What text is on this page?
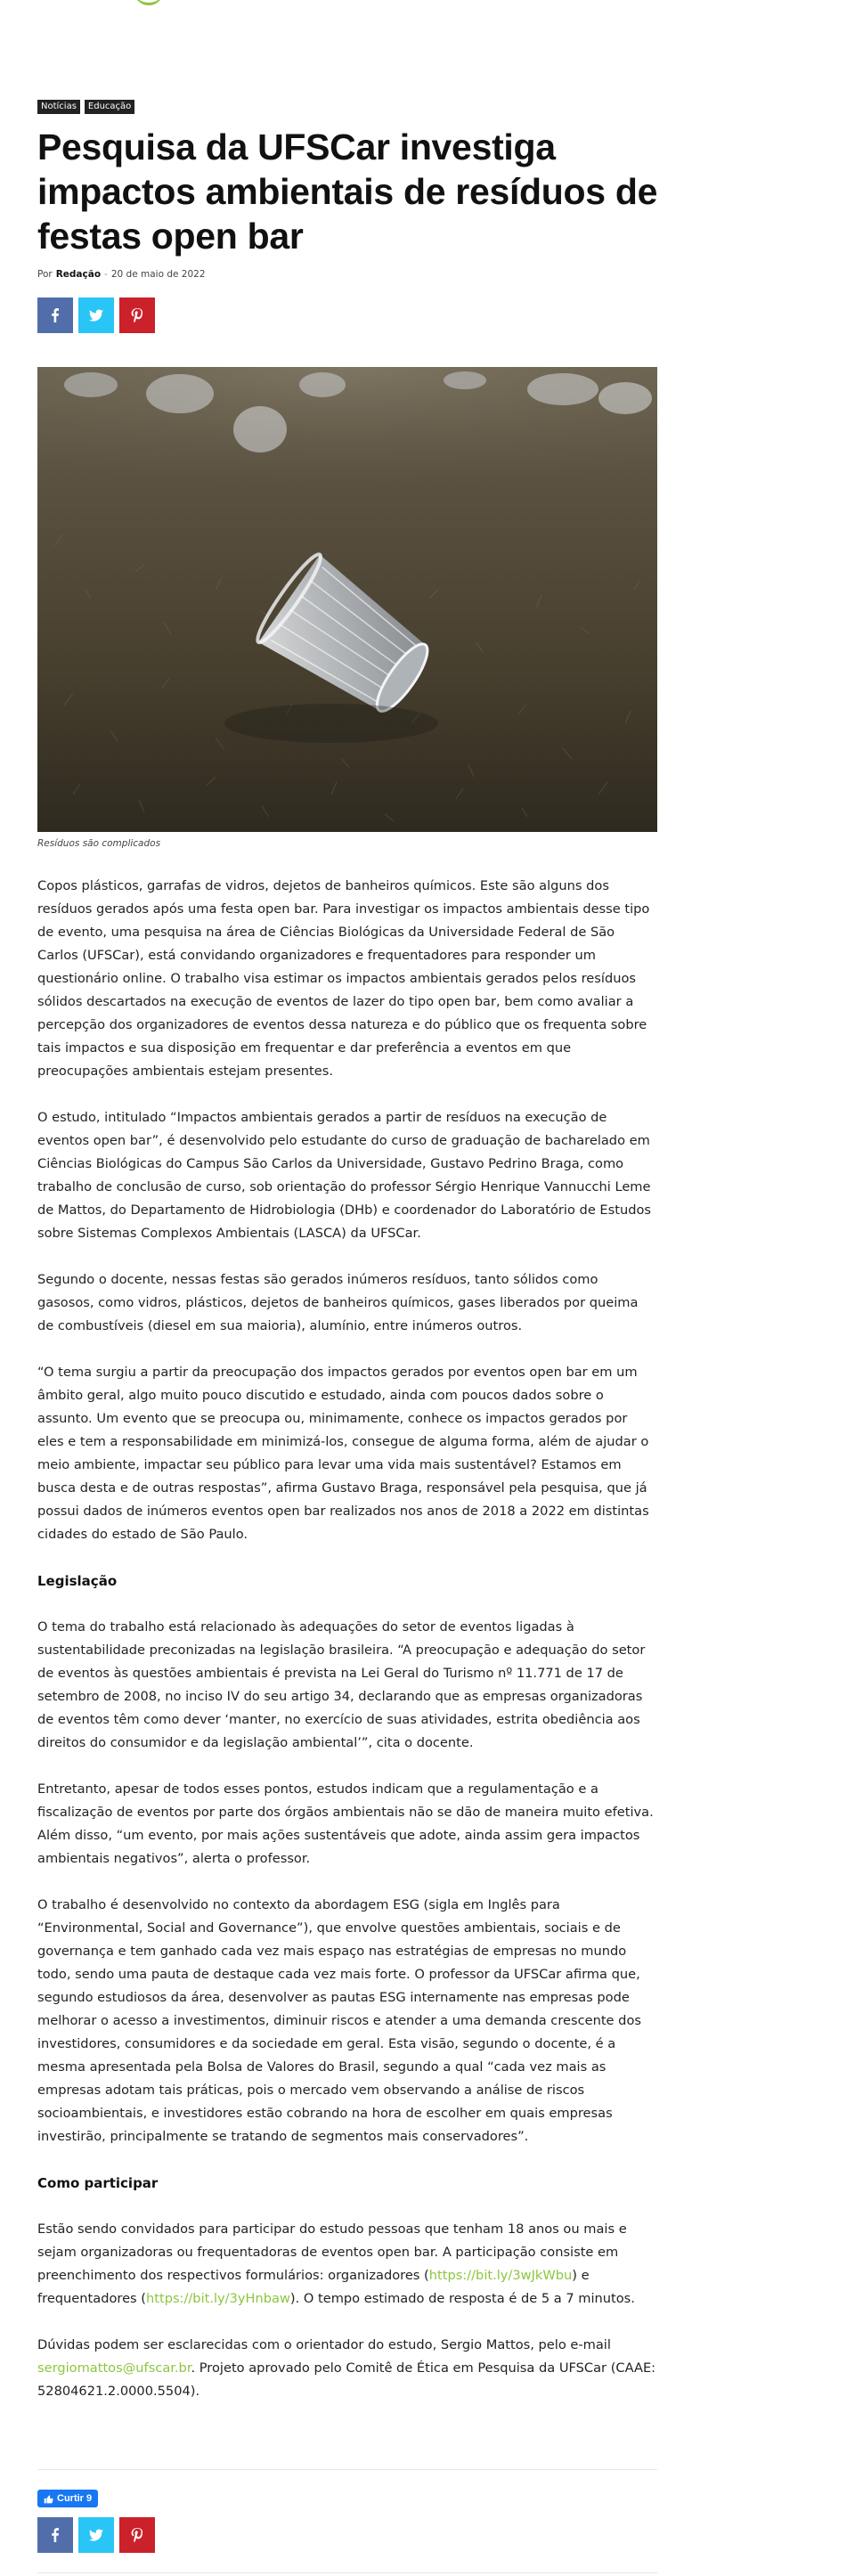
Notícias	Educação
Pesquisa da UFSCar investiga impactos ambientais de resíduos de festas open bar
Por Redação - 20 de maio de 2022
Resíduos são complicados

Copos plásticos, garrafas de vidros, dejetos de banheiros químicos. Este são alguns dos resíduos gerados após uma festa open bar. Para investigar os impactos ambientais desse tipo de evento, uma pesquisa na área de Ciências Biológicas da Universidade Federal de São Carlos (UFSCar), está convidando organizadores e frequentadores para responder um questionário online. O trabalho visa estimar os impactos ambientais gerados pelos resíduos sólidos descartados na execução de eventos de lazer do tipo open bar, bem como avaliar a percepção dos organizadores de eventos dessa natureza e do público que os frequenta sobre tais impactos e sua disposição em frequentar e dar preferência a eventos em que preocupações ambientais estejam presentes.

O estudo, intitulado “Impactos ambientais gerados a partir de resíduos na execução de eventos open bar”, é desenvolvido pelo estudante do curso de graduação de bacharelado em Ciências Biológicas do Campus São Carlos da Universidade, Gustavo Pedrino Braga, como trabalho de conclusão de curso, sob orientação do professor Sérgio Henrique Vannucchi Leme de Mattos, do Departamento de Hidrobiologia (DHb) e coordenador do Laboratório de Estudos sobre Sistemas Complexos Ambientais (LASCA) da UFSCar.

Segundo o docente, nessas festas são gerados inúmeros resíduos, tanto sólidos como gasosos, como vidros, plásticos, dejetos de banheiros químicos, gases liberados por queima de combustíveis (diesel em sua maioria), alumínio, entre inúmeros outros.

“O tema surgiu a partir da preocupação dos impactos gerados por eventos open bar em um âmbito geral, algo muito pouco discutido e estudado, ainda com poucos dados sobre o assunto. Um evento que se preocupa ou, minimamente, conhece os impactos gerados por eles e tem a responsabilidade em minimizá-los, consegue de alguma forma, além de ajudar o meio ambiente, impactar seu público para levar uma vida mais sustentável? Estamos em busca desta e de outras respostas”, afirma Gustavo Braga, responsável pela pesquisa, que já possui dados de inúmeros eventos open bar realizados nos anos de 2018 a 2022 em distintas cidades do estado de São Paulo.

Legislação

O tema do trabalho está relacionado às adequações do setor de eventos ligadas à sustentabilidade preconizadas na legislação brasileira. “A preocupação e adequação do setor de eventos às questões ambientais é prevista na Lei Geral do Turismo nº 11.771 de 17 de setembro de 2008, no inciso IV do seu artigo 34, declarando que as empresas organizadoras de eventos têm como dever ‘manter, no exercício de suas atividades, estrita obediência aos direitos do consumidor e da legislação ambiental’”, cita o docente.

Entretanto, apesar de todos esses pontos, estudos indicam que a regulamentação e a fiscalização de eventos por parte dos órgãos ambientais não se dão de maneira muito efetiva. Além disso, “um evento, por mais ações sustentáveis que adote, ainda assim gera impactos ambientais negativos”, alerta o professor.

O trabalho é desenvolvido no contexto da abordagem ESG (sigla em Inglês para “Environmental, Social and Governance”), que envolve questões ambientais, sociais e de governança e tem ganhado cada vez mais espaço nas estratégias de empresas no mundo todo, sendo uma pauta de destaque cada vez mais forte. O professor da UFSCar afirma que, segundo estudiosos da área, desenvolver as pautas ESG internamente nas empresas pode melhorar o acesso a investimentos, diminuir riscos e atender a uma demanda crescente dos investidores, consumidores e da sociedade em geral. Esta visão, segundo o docente, é a mesma apresentada pela Bolsa de Valores do Brasil, segundo a qual “cada vez mais as empresas adotam tais práticas, pois o mercado vem observando a análise de riscos socioambientais, e investidores estão cobrando na hora de escolher em quais empresas investirão, principalmente se tratando de segmentos mais conservadores”.

Como participar

Estão sendo convidados para participar do estudo pessoas que tenham 18 anos ou mais e sejam organizadoras ou frequentadoras de eventos open bar. A participação consiste em preenchimento dos respectivos formulários: organizadores (https://bit.ly/3wJkWbu) e frequentadores (https://bit.ly/3yHnbaw). O tempo estimado de resposta é de 5 a 7 minutos.

Dúvidas podem ser esclarecidas com o orientador do estudo, Sergio Mattos, pelo e-mail sergiomattos@ufscar.br. Projeto aprovado pelo Comitê de Ética em Pesquisa da UFSCar (CAAE: 52804621.2.0000.5504).

Curtir 9
